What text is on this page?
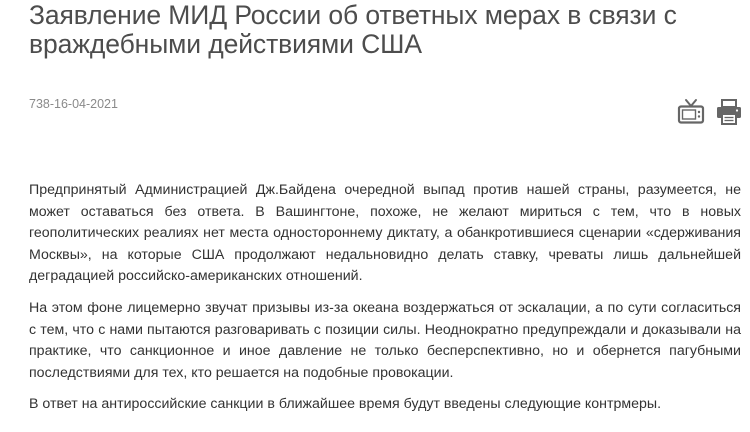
Заявление МИД России об ответных мерах в связи с враждебными действиями США
738-16-04-2021

Предпринятый Администрацией Дж.Байдена очередной выпад против нашей страны, разумеется, не может оставаться без ответа. В Вашингтоне, похоже, не желают мириться с тем, что в новых геополитических реалиях нет места одностороннему диктату, а обанкротившиеся сценарии «сдерживания Москвы», на которые США продолжают недальновидно делать ставку, чреваты лишь дальнейшей деградацией российско-американских отношений.

На этом фоне лицемерно звучат призывы из-за океана воздержаться от эскалации, а по сути согласиться с тем, что с нами пытаются разговаривать с позиции силы. Неоднократно предупреждали и доказывали на практике, что санкционное и иное давление не только бесперспективно, но и обернется пагубными последствиями для тех, кто решается на подобные провокации.

В ответ на антироссийские санкции в ближайшее время будут введены следующие контрмеры.
